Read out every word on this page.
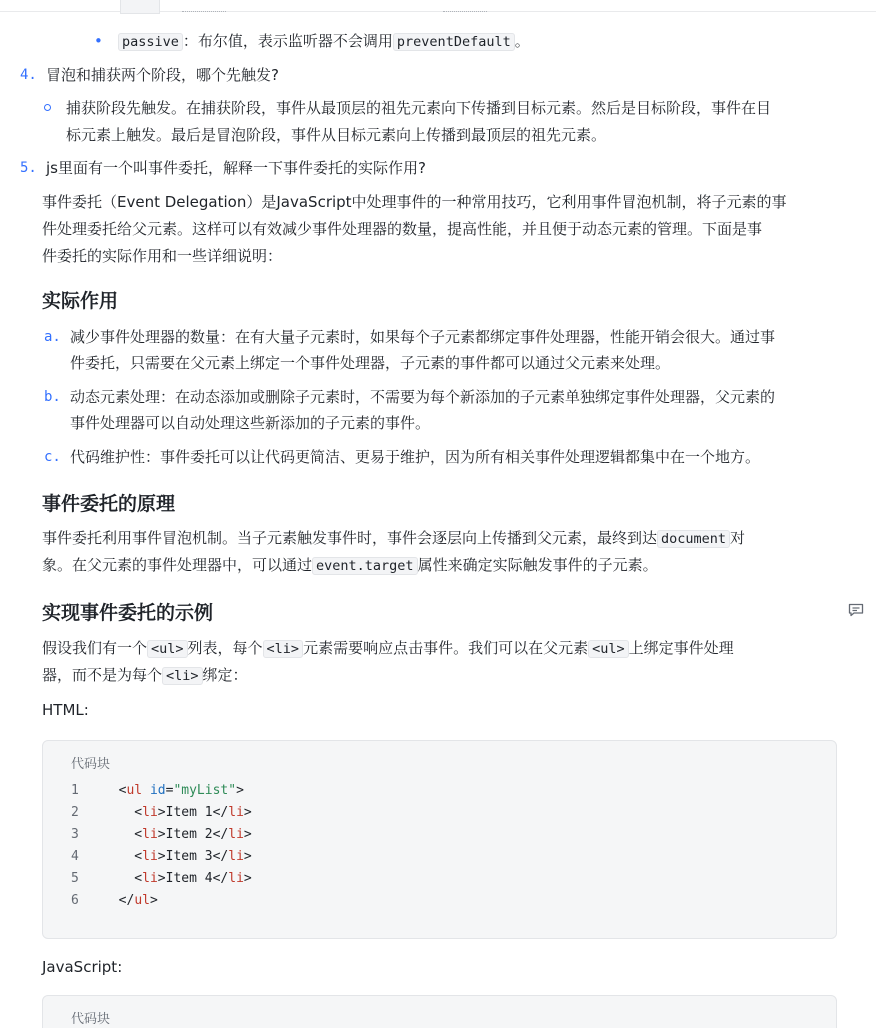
• passive ：布尔值，表示监听器不会调用 preventDefault 。
4. 冒泡和捕获两个阶段，哪个先触发?
捕获阶段先触发。在捕获阶段，事件从最顶层的祖先元素向下传播到目标元素。然后是目标阶段，事件在目
标元素上触发。最后是冒泡阶段，事件从目标元素向上传播到最顶层的祖先元素。
5. js里面有一个叫事件委托，解释一下事件委托的实际作用?
事件委托（Event Delegation）是JavaScript中处理事件的一种常用技巧，它利用事件冒泡机制，将子元素的事
件处理委托给父元素。这样可以有效减少事件处理器的数量，提高性能，并且便于动态元素的管理。下面是事
件委托的实际作用和一些详细说明：
实际作用
a. 减少事件处理器的数量：在有大量子元素时，如果每个子元素都绑定事件处理器，性能开销会很大。通过事
件委托，只需要在父元素上绑定一个事件处理器，子元素的事件都可以通过父元素来处理。
b. 动态元素处理：在动态添加或删除子元素时，不需要为每个新添加的子元素单独绑定事件处理器，父元素的
事件处理器可以自动处理这些新添加的子元素的事件。
c. 代码维护性：事件委托可以让代码更简洁、更易于维护，因为所有相关事件处理逻辑都集中在一个地方。
事件委托的原理
事件委托利用事件冒泡机制。当子元素触发事件时，事件会逐层向上传播到父元素，最终到达 document 对
象。在父元素的事件处理器中，可以通过 event.target 属性来确定实际触发事件的子元素。
实现事件委托的示例
假设我们有一个 <ul> 列表，每个 <li> 元素需要响应点击事件。我们可以在父元素 <ul> 上绑定事件处理
器，而不是为每个 <li> 绑定：
HTML:
代码块
1  <ul id="myList">
2    <li>Item 1</li>
3    <li>Item 2</li>
4    <li>Item 3</li>
5    <li>Item 4</li>
6  </ul>
JavaScript:
代码块
